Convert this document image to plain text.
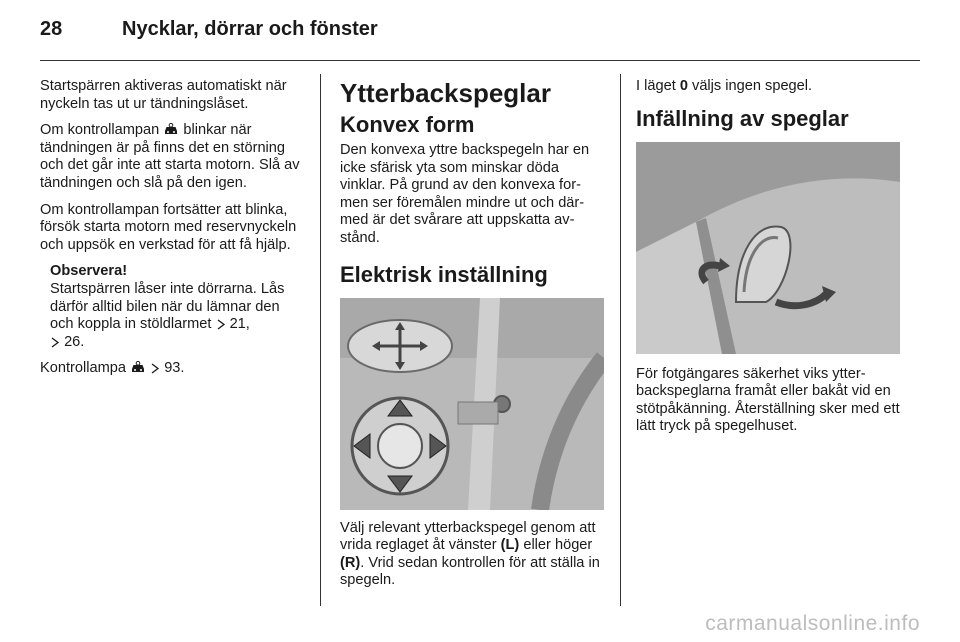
28	Nycklar, dörrar och fönster

Startspärren aktiveras automatiskt när nyckeln tas ut ur tändningslåset.

Om kontrollampan blinkar när tändningen är på finns det en störning och det går inte att starta motorn. Slå av tändningen och slå på den igen.

Om kontrollampan fortsätter att blinka, försök starta motorn med reservnyckeln och uppsök en verkstad för att få hjälp.

Observera!
Startspärren låser inte dörrarna. Lås därför alltid bilen när du lämnar den och koppla in stöldlarmet 21,
26.

Kontrollampa	93.

Ytterbackspeglar
Konvex form

Den konvexa yttre backspegeln har en icke sfärisk yta som minskar döda vinklar. På grund av den konvexa formen ser föremålen mindre ut och därmed är det svårare att uppskatta avstånd.

Elektrisk inställning

Välj relevant ytterbackspegel genom att vrida reglaget åt vänster (L) eller höger (R). Vrid sedan kontrollen för att ställa in spegeln.

I läget 0 väljs ingen spegel.

Infällning av speglar

För fotgängares säkerhet viks ytterbackspeglarna framåt eller bakåt vid en stötpåkänning. Återställning sker med ett lätt tryck på spegelhuset.

carmanualsonline.info
